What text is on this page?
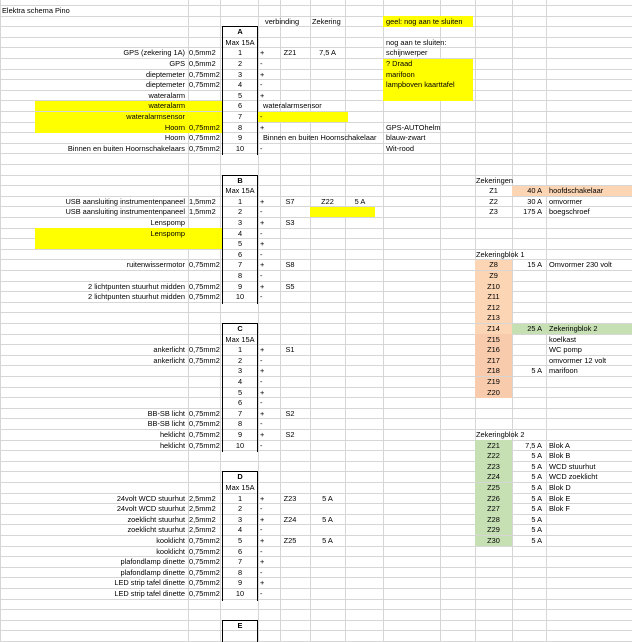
Elektra schema Pino
verbinding	Zekering	geel: nog aan te sluiten
nog aan te sluiten:
schijnwerper
? Draad
marifoon
lampboven kaarttafel
GPS-AUTOhelm
blauw-zwart
Wit-rood
A
Max 15A
GPS (zekering 1A) 0,5mm2	1	+	Z21	7,5 A
GPS 0,5mm2	2	-
dieptemeter 0,75mm2	3	+
dieptemeter 0,75mm2	4	-
wateralarm	5	+
wateralarm	6	wateralarmsensor
wateralarmsensor	7	-
Hoorn 0,75mm2	8	+
Hoorn 0,75mm2	9	Binnen en buiten Hoornschakelaar
Binnen en buiten Hoornschakelaars 0,75mm2	10	-
B
Max 15A
USB aansluiting instrumentenpaneel 1,5mm2	1	+	S7	Z22	5 A
USB aansluiting instrumentenpaneel 1,5mm2	2	-
Lenspomp	3	+	S3
Lenspomp	4	-
5	+
6	-
ruitenwissermotor 0,75mm2	7	+	S8
8	-
2 lichtpunten stuurhut midden 0,75mm2	9	+	S5
2 lichtpunten stuurhut midden 0,75mm2	10	-
C
Max 15A
ankerlicht 0,75mm2	1	+	S1
ankerlicht 0,75mm2	2	-
3	+
4	-
5	+
6	-
BB-SB licht 0,75mm2	7	+	S2
BB-SB licht 0,75mm2	8	-
heklicht 0,75mm2	9	+	S2
heklicht 0,75mm2	10	-
D
Max 15A
24volt WCD stuurhut 2,5mm2	1	+	Z23	5 A
24volt WCD stuurhut 2,5mm2	2	-
zoeklicht stuurhut 2,5mm2	3	+	Z24	5 A
zoeklicht stuurhut 2,5mm2	4	-
kooklicht 0,75mm2	5	+	Z25	5 A
kooklicht 0,75mm2	6	-
plafondlamp dinette 0,75mm2	7	+
plafondlamp dinette 0,75mm2	8	-
LED strip tafel dinette 0,75mm2	9	+
LED strip tafel dinette 0,75mm2	10	-
E
Zekeringen
Z1	40 A hoofdschakelaar
Z2	30 A omvormer
Z3	175 A boegschroef
Zekeringblok 1
Z8	15 A Omvormer 230 volt
Z9
Z10
Z11
Z12
Z13
Z14	25 A Zekeringblok 2
Z15	koelkast
Z16	WC pomp
Z17	omvormer 12 volt
Z18	5 A marifoon
Z19
Z20
Zekeringblok 2
Z21	7,5 A Blok A
Z22	5 A Blok B
Z23	5 A WCD stuurhut
Z24	5 A WCD zoeklicht
Z25	5 A Blok D
Z26	5 A Blok E
Z27	5 A Blok F
Z28	5 A
Z29	5 A
Z30	5 A
